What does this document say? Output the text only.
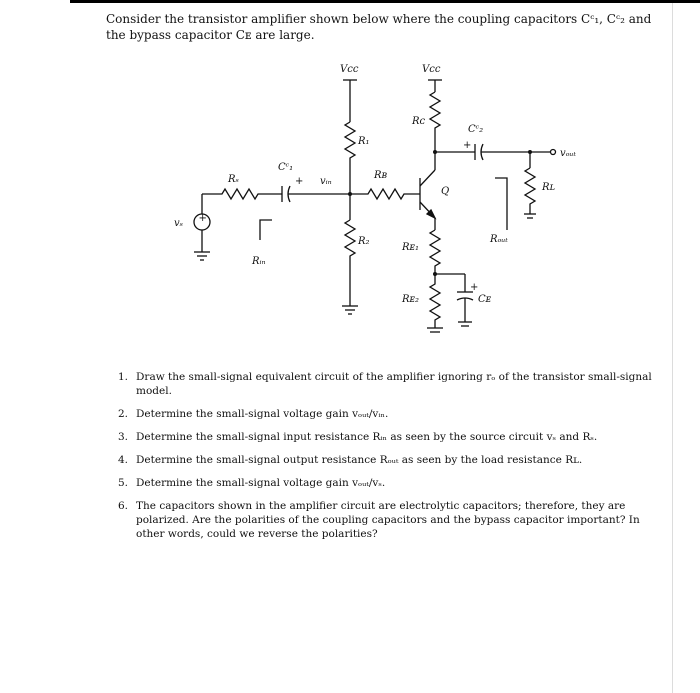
Consider the transistor amplifier shown below where the coupling capacitors Cᶜ₁, Cᶜ₂ and the bypass capacitor Cᴇ are large.
Vcc	Vcc
R₁
R₂
Rᴄ
Rʙ
Rᴇ₁
Rᴇ₂
Rₛ
Rʟ
Cᶜ₁
Cᶜ₂
Cᴇ
Q
vₛ
vᵢₙ
vₒᵤₜ
Rᵢₙ
Rₒᵤₜ
+
+
+
+
1. Draw the small-signal equivalent circuit of the amplifier ignoring rₒ of the transistor small-signal model.
2. Determine the small-signal voltage gain vₒᵤₜ/vᵢₙ.
3. Determine the small-signal input resistance Rᵢₙ as seen by the source circuit vₛ and Rₛ.
4. Determine the small-signal output resistance Rₒᵤₜ as seen by the load resistance Rʟ.
5. Determine the small-signal voltage gain vₒᵤₜ/vₛ.
6. The capacitors shown in the amplifier circuit are electrolytic capacitors; therefore, they are polarized. Are the polarities of the coupling capacitors and the bypass capacitor important? In other words, could we reverse the polarities?
